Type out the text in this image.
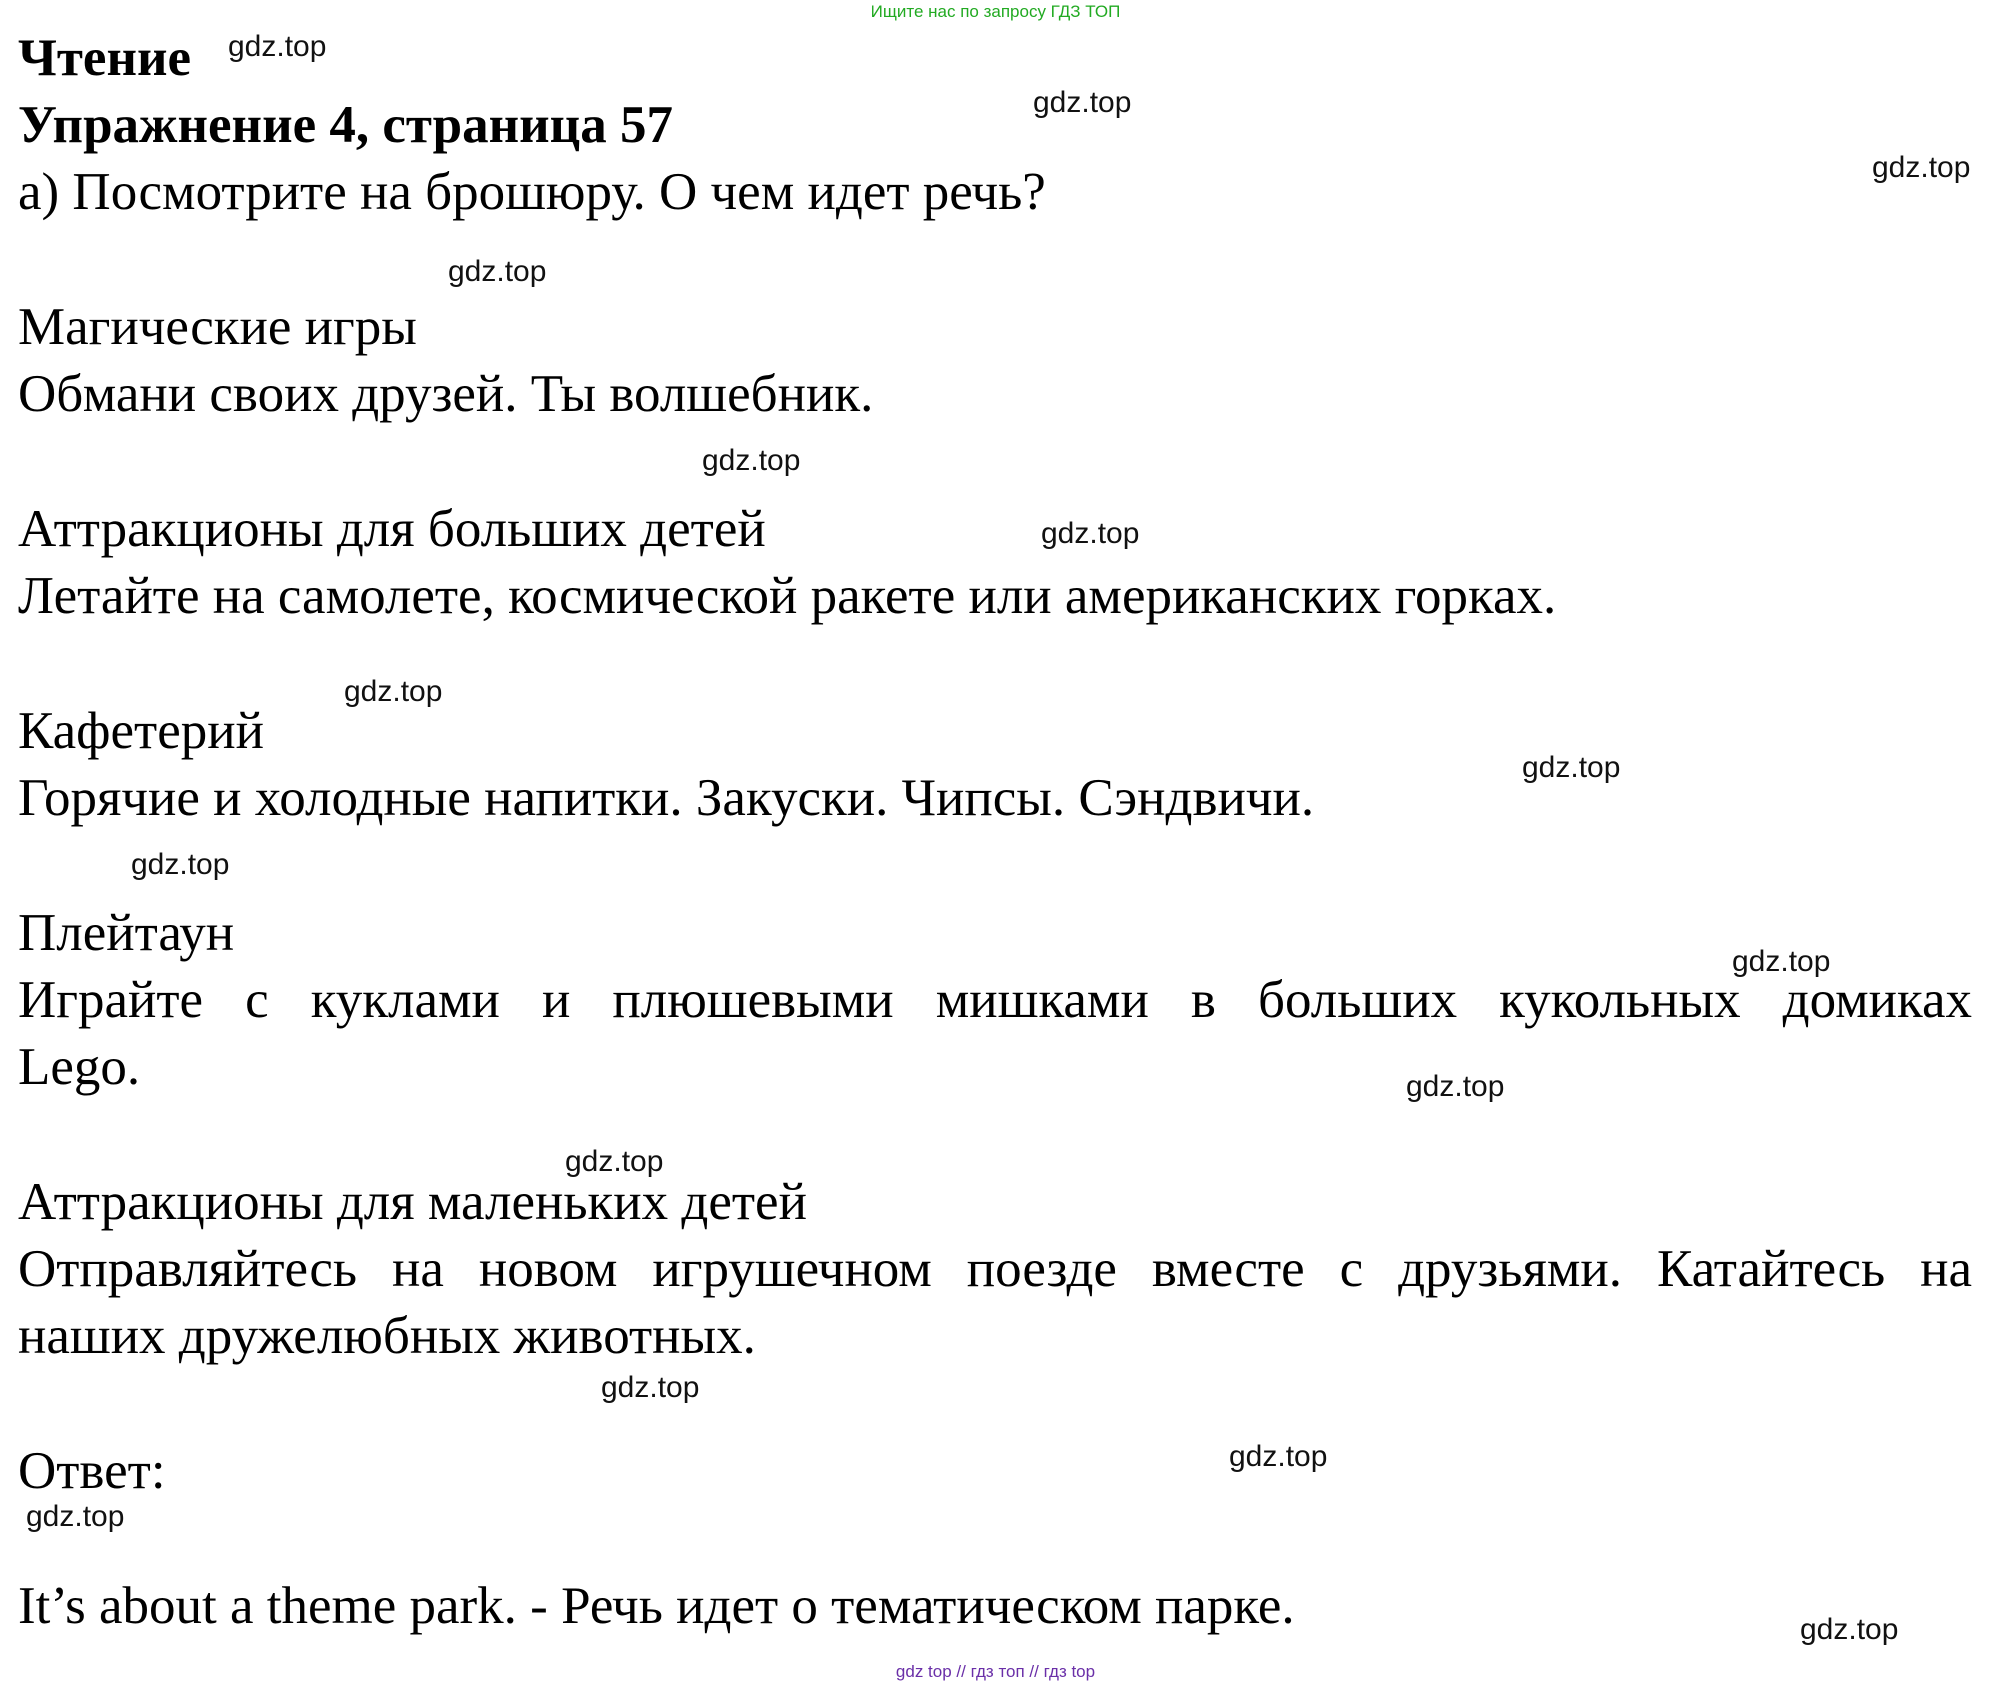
Ищите нас по запросу ГДЗ ТОП
Чтение
Упражнение 4, страница 57
а) Посмотрите на брошюру. О чем идет речь?
Магические игры
Обмани своих друзей. Ты волшебник.
Аттракционы для больших детей
Летайте на самолете, космической ракете или американских горках.
Кафетерий
Горячие и холодные напитки. Закуски. Чипсы. Сэндвичи.
Плейтаун
Играйте с куклами и плюшевыми мишками в больших кукольных домиках
Lego.
Аттракционы для маленьких детей
Отправляйтесь на новом игрушечном поезде вместе с друзьями. Катайтесь на
наших дружелюбных животных.
Ответ:
It’s about a theme park. - Речь идет о тематическом парке.
gdz.top
gdz.top
gdz.top
gdz.top
gdz.top
gdz.top
gdz.top
gdz.top
gdz.top
gdz.top
gdz.top
gdz.top
gdz.top
gdz.top
gdz.top
gdz.top
gdz top // гдз топ // гдз top
